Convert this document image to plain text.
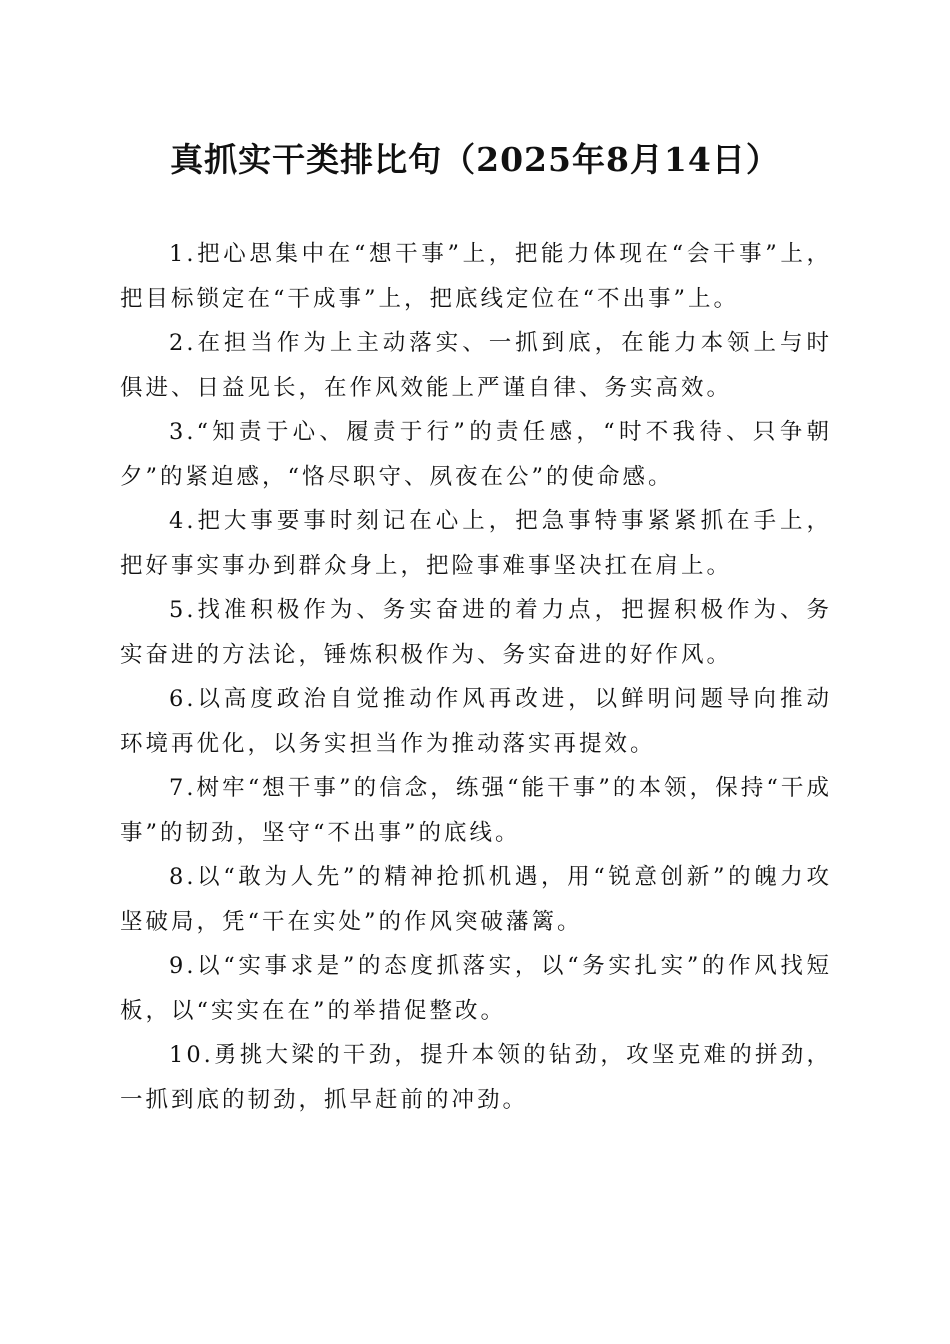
真抓实干类排比句（2025年8月14日）

1.把心思集中在“想干事”上，把能力体现在“会干事”上，把目标锁定在“干成事”上，把底线定位在“不出事”上。

2.在担当作为上主动落实、一抓到底，在能力本领上与时俱进、日益见长，在作风效能上严谨自律、务实高效。

3.“知责于心、履责于行”的责任感，“时不我待、只争朝夕”的紧迫感，“恪尽职守、夙夜在公”的使命感。

4.把大事要事时刻记在心上，把急事特事紧紧抓在手上，把好事实事办到群众身上，把险事难事坚决扛在肩上。

5.找准积极作为、务实奋进的着力点，把握积极作为、务实奋进的方法论，锤炼积极作为、务实奋进的好作风。

6.以高度政治自觉推动作风再改进，以鲜明问题导向推动环境再优化，以务实担当作为推动落实再提效。

7.树牢“想干事”的信念，练强“能干事”的本领，保持“干成事”的韧劲，坚守“不出事”的底线。

8.以“敢为人先”的精神抢抓机遇，用“锐意创新”的魄力攻坚破局，凭“干在实处”的作风突破藩篱。

9.以“实事求是”的态度抓落实，以“务实扎实”的作风找短板，以“实实在在”的举措促整改。

10.勇挑大梁的干劲，提升本领的钻劲，攻坚克难的拼劲，一抓到底的韧劲，抓早赶前的冲劲。
